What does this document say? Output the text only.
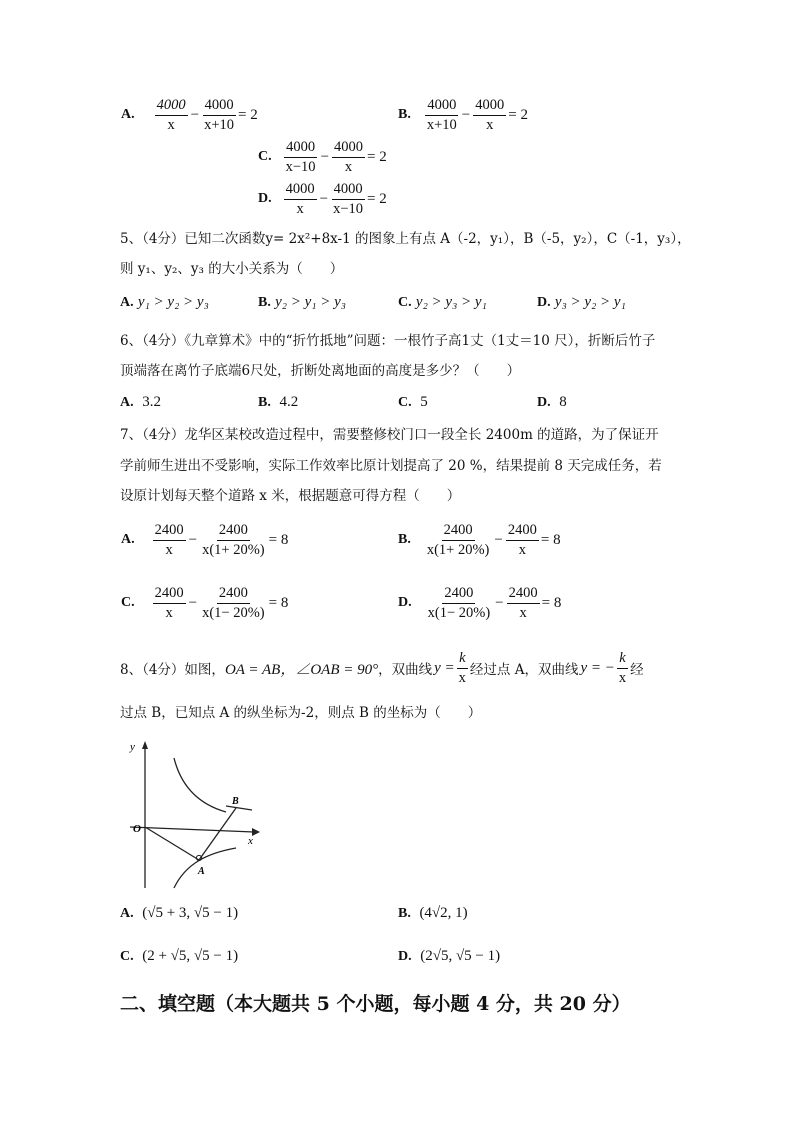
A. $\frac{4000}{x} - \frac{4000}{x+10} = 2$	B. $\frac{4000}{x+10} - \frac{4000}{x} = 2$
C. $\frac{4000}{x-10} - \frac{4000}{x} = 2$
D. $\frac{4000}{x} - \frac{4000}{x-10} = 2$
5、（4分）已知二次函数y= 2x²+8x-1 的图象上有点 A（-2，y₁），B（-5，y₂），C（-1，y₃），
则 y₁、y₂、y₃ 的大小关系为（　　）
A. y₁ > y₂ > y₃	B. y₂ > y₁ > y₃	C. y₂ > y₃ > y₁	D. y₃ > y₂ > y₁
6、（4分）《九章算术》中的“折竹抵地”问题：一根竹子高1丈（1丈＝10 尺），折断后竹子
顶端落在离竹子底端6尺处，折断处离地面的高度是多少？（　　）
A. 3.2	B. 4.2	C. 5	D. 8
7、（4分）龙华区某校改造过程中，需要整修校门口一段全长 2400m 的道路，为了保证开
学前师生进出不受影响，实际工作效率比原计划提高了 20 %，结果提前 8 天完成任务，若
设原计划每天整个道路 x 米，根据题意可得方程（　　）
A. $\frac{2400}{x} - \frac{2400}{x(1+ 20\%)} = 8$	B. $\frac{2400}{x(1+ 20\%)} - \frac{2400}{x} = 8$
C. $\frac{2400}{x} - \frac{2400}{x(1- 20\%)} = 8$	D. $\frac{2400}{x(1- 20\%)} - \frac{2400}{x} = 8$
8、（4分）如图， OA = AB，∠OAB = 90° ，双曲线 $y = \frac{k}{x}$ 经过点 A，双曲线 y = − $\frac{k}{x}$ 经
过点 B，已知点 A 的纵坐标为-2，则点 B 的坐标为（　　）
y
x
O
A
B
A. (√5 + 3, √5 − 1)	B. (4√2, 1)
C. (2 + √5, √5 − 1)	D. (2√5, √5 − 1)
二、填空题（本大题共 5 个小题，每小题 4 分，共 20 分）
